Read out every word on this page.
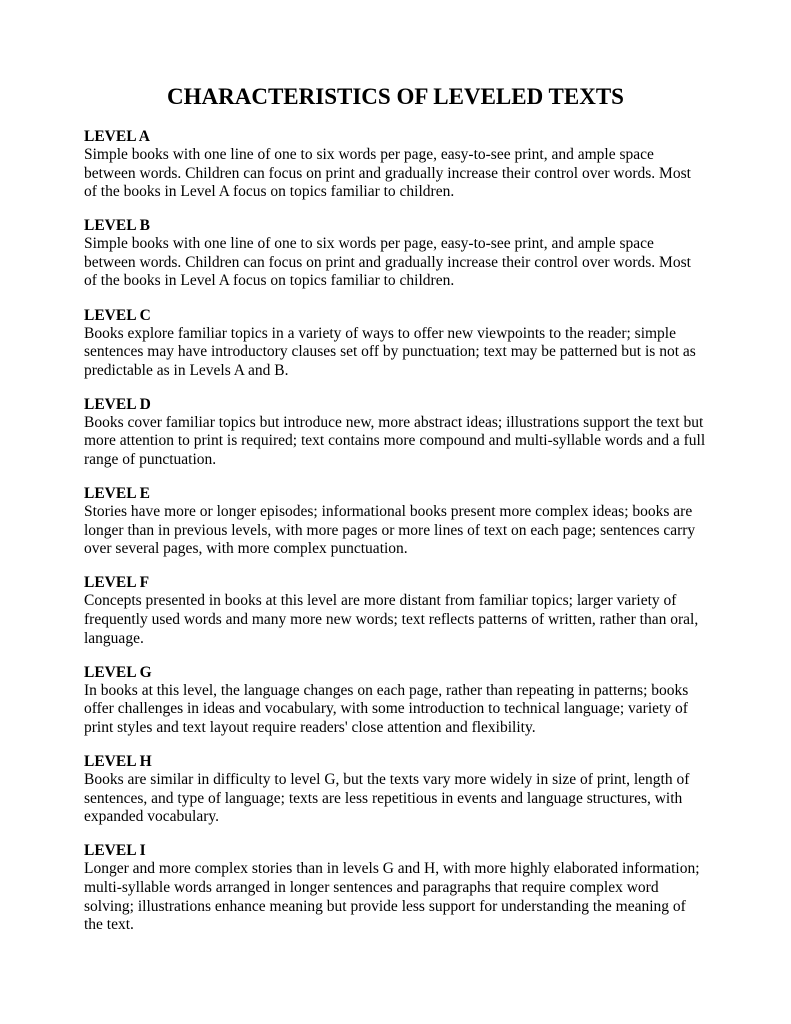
CHARACTERISTICS OF LEVELED TEXTS
LEVEL A

Simple books with one line of one to six words per page, easy-to-see print, and ample space
between words. Children can focus on print and gradually increase their control over words. Most
of the books in Level A focus on topics familiar to children.

LEVEL B

Simple books with one line of one to six words per page, easy-to-see print, and ample space
between words. Children can focus on print and gradually increase their control over words. Most
of the books in Level A focus on topics familiar to children.

LEVEL C

Books explore familiar topics in a variety of ways to offer new viewpoints to the reader; simple
sentences may have introductory clauses set off by punctuation; text may be patterned but is not as
predictable as in Levels A and B.

LEVEL D

Books cover familiar topics but introduce new, more abstract ideas; illustrations support the text but
more attention to print is required; text contains more compound and multi-syllable words and a full
range of punctuation.

LEVEL E

Stories have more or longer episodes; informational books present more complex ideas; books are
longer than in previous levels, with more pages or more lines of text on each page; sentences carry
over several pages, with more complex punctuation.

LEVEL F

Concepts presented in books at this level are more distant from familiar topics; larger variety of
frequently used words and many more new words; text reflects patterns of written, rather than oral,
language.

LEVEL G

In books at this level, the language changes on each page, rather than repeating in patterns; books
offer challenges in ideas and vocabulary, with some introduction to technical language; variety of
print styles and text layout require readers' close attention and flexibility.

LEVEL H

Books are similar in difficulty to level G, but the texts vary more widely in size of print, length of
sentences, and type of language; texts are less repetitious in events and language structures, with
expanded vocabulary.

LEVEL I

Longer and more complex stories than in levels G and H, with more highly elaborated information;
multi-syllable words arranged in longer sentences and paragraphs that require complex word
solving; illustrations enhance meaning but provide less support for understanding the meaning of
the text.
